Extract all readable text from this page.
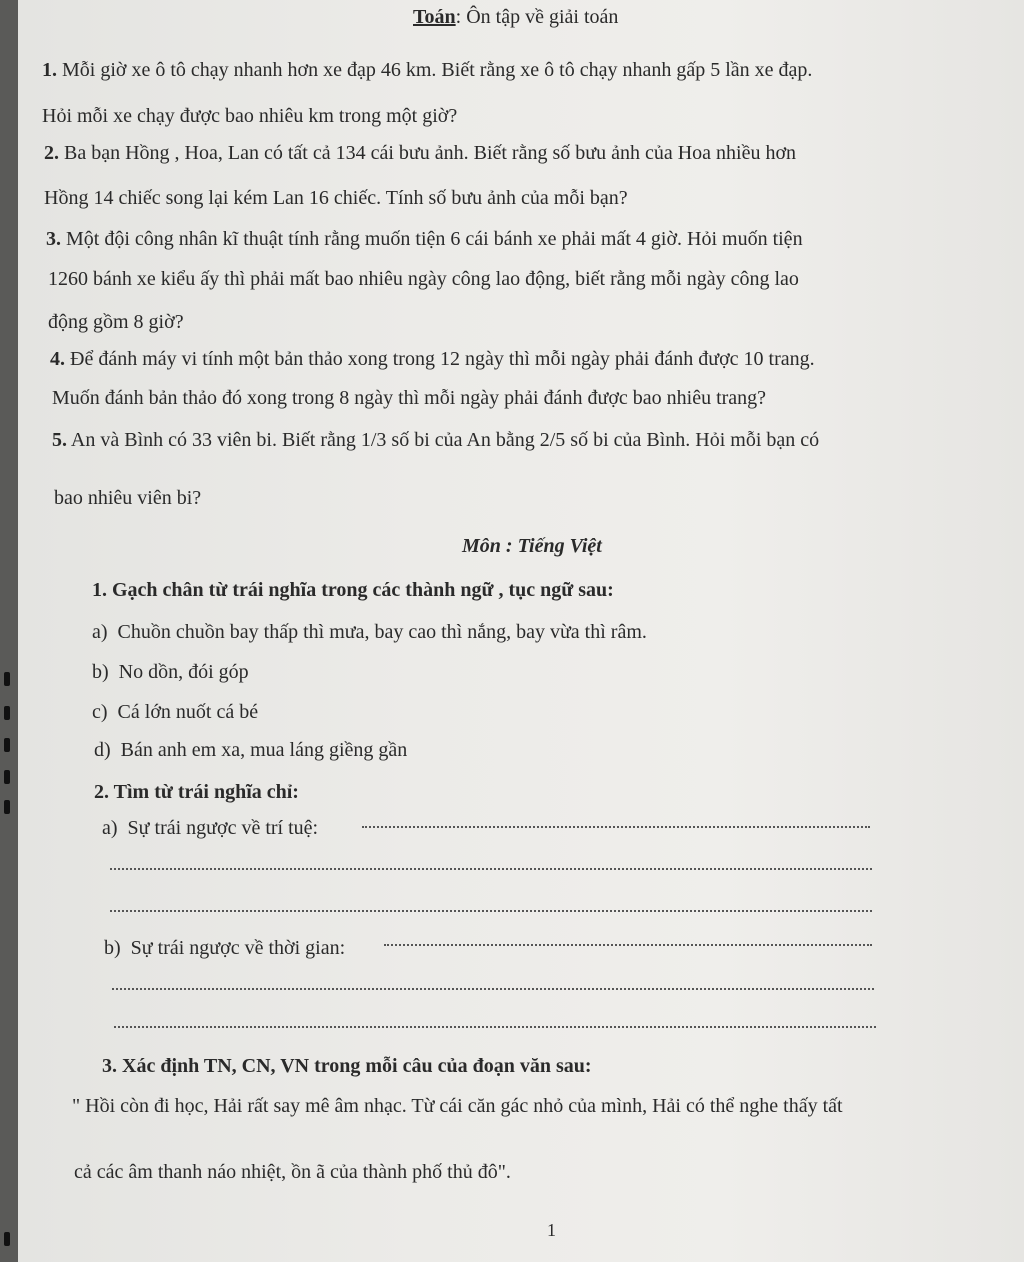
Toán: Ôn tập về giải toán
1. Mỗi giờ xe ô tô chạy nhanh hơn xe đạp 46 km. Biết rằng xe ô tô chạy nhanh gấp 5 lần xe đạp.
Hỏi mỗi xe chạy được bao nhiêu km trong một giờ?
2. Ba bạn Hồng , Hoa, Lan có tất cả 134 cái bưu ảnh. Biết rằng số bưu ảnh của Hoa nhiều hơn
Hồng 14 chiếc song lại kém Lan 16 chiếc. Tính số bưu ảnh của mỗi bạn?
3. Một đội công nhân kĩ thuật tính rằng muốn tiện 6 cái bánh xe phải mất 4 giờ. Hỏi muốn tiện
1260 bánh xe kiểu ấy thì phải mất bao nhiêu ngày công lao động, biết rằng mỗi ngày công lao
động gồm 8 giờ?
4. Để đánh máy vi tính một bản thảo xong trong 12 ngày thì mỗi ngày phải đánh được 10 trang.
Muốn đánh bản thảo đó xong trong 8 ngày thì mỗi ngày phải đánh được bao nhiêu trang?
5. An và Bình có 33 viên bi. Biết rằng 1/3 số bi của An bằng 2/5 số bi của Bình. Hỏi mỗi bạn có
bao nhiêu viên bi?
Môn : Tiếng Việt
1. Gạch chân từ trái nghĩa trong các thành ngữ , tục ngữ sau:
a) Chuồn chuồn bay thấp thì mưa, bay cao thì nắng, bay vừa thì râm.
b) No dồn, đói góp
c) Cá lớn nuốt cá bé
d) Bán anh em xa, mua láng giềng gần
2. Tìm từ trái nghĩa chỉ:
a) Sự trái ngược về trí tuệ:
b) Sự trái ngược về thời gian:
3. Xác định TN, CN, VN trong mỗi câu của đoạn văn sau:
" Hồi còn đi học, Hải rất say mê âm nhạc. Từ cái căn gác nhỏ của mình, Hải có thể nghe thấy tất
cả các âm thanh náo nhiệt, ồn ã của thành phố thủ đô".
1
